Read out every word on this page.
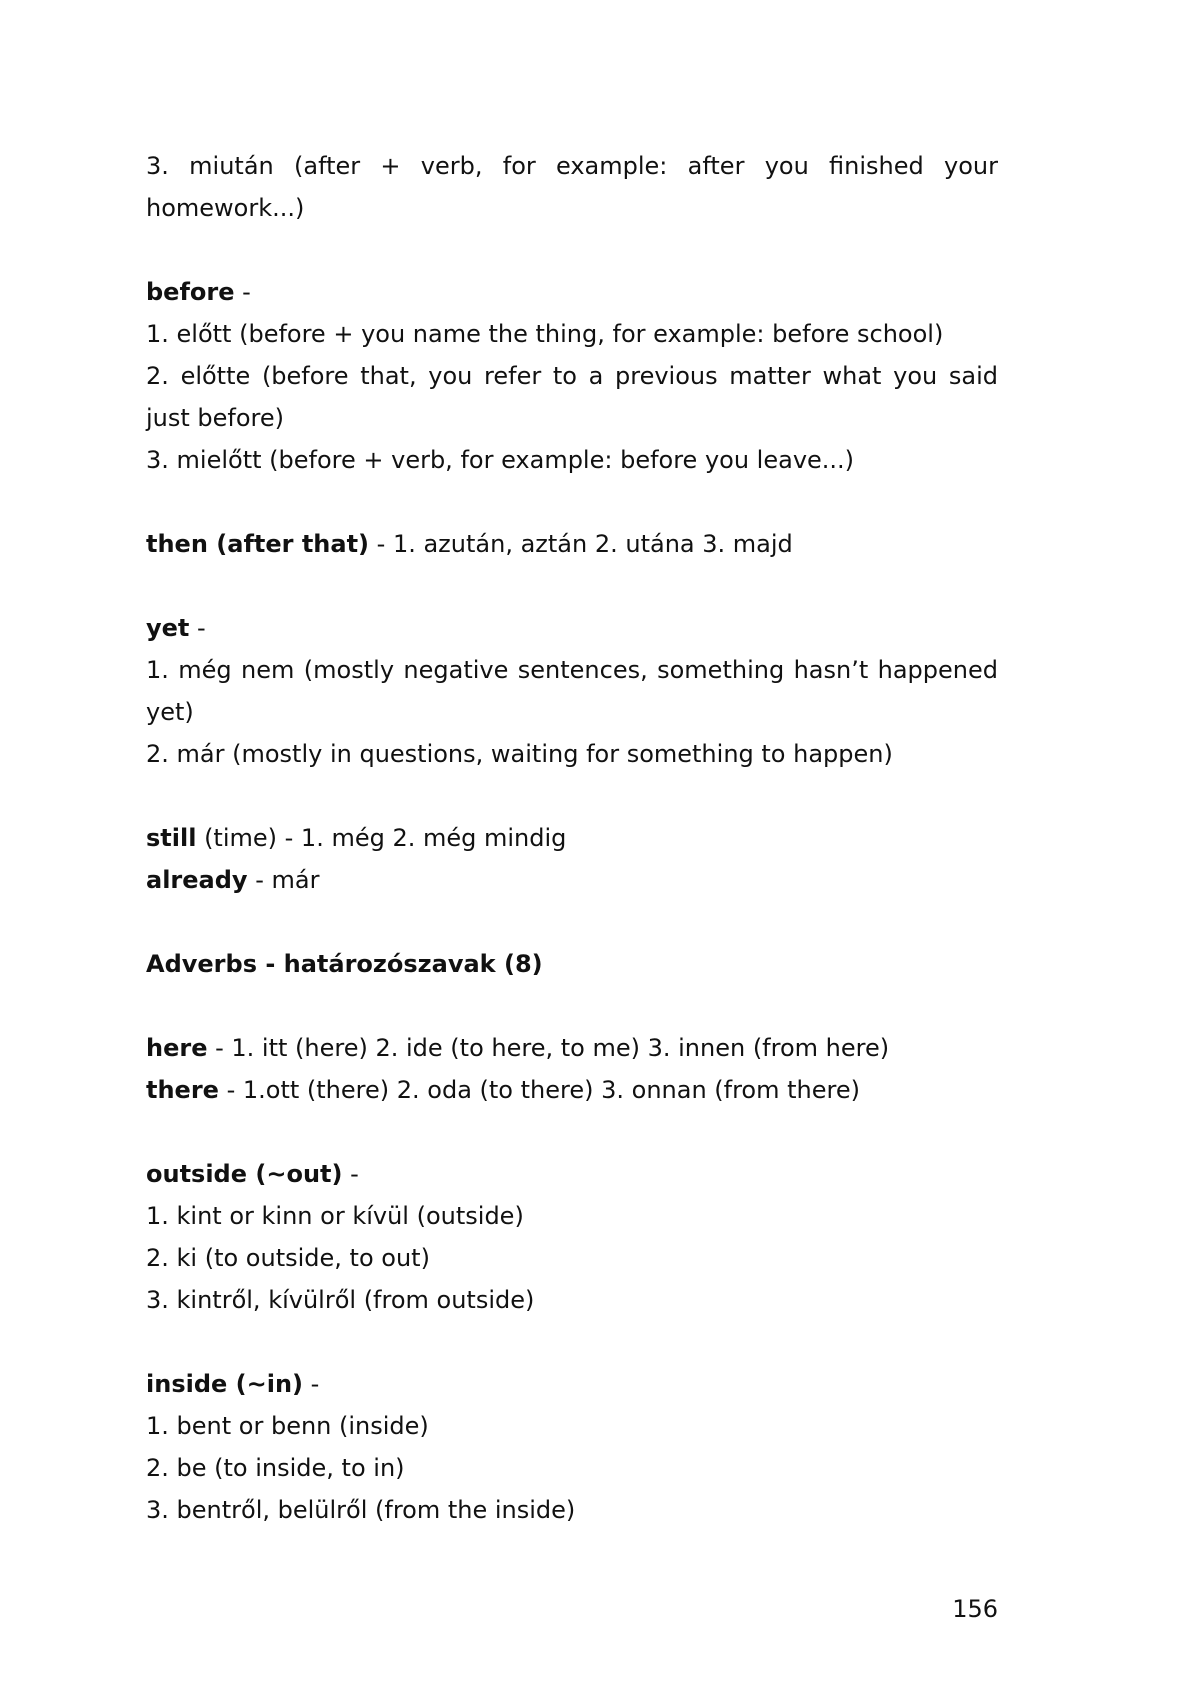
3. miután (after + verb, for example: after you finished your homework...)
before -
1. előtt (before + you name the thing, for example: before school)
2. előtte (before that, you refer to a previous matter what you said just before)
3. mielőtt (before + verb, for example: before you leave...)
then (after that) - 1. azután, aztán 2. utána 3. majd
yet -
1. még nem (mostly negative sentences, something hasn’t happened yet)
2. már (mostly in questions, waiting for something to happen)
still (time) - 1. még 2. még mindig
already - már
Adverbs - határozószavak (8)
here - 1. itt (here) 2. ide (to here, to me) 3. innen (from here)
there - 1.ott (there) 2. oda (to there) 3. onnan (from there)
outside (~out) -
1. kint or kinn or kívül (outside)
2. ki (to outside, to out)
3. kintről, kívülről (from outside)
inside (~in) -
1. bent or benn (inside)
2. be (to inside, to in)
3. bentről, belülről (from the inside)
156
